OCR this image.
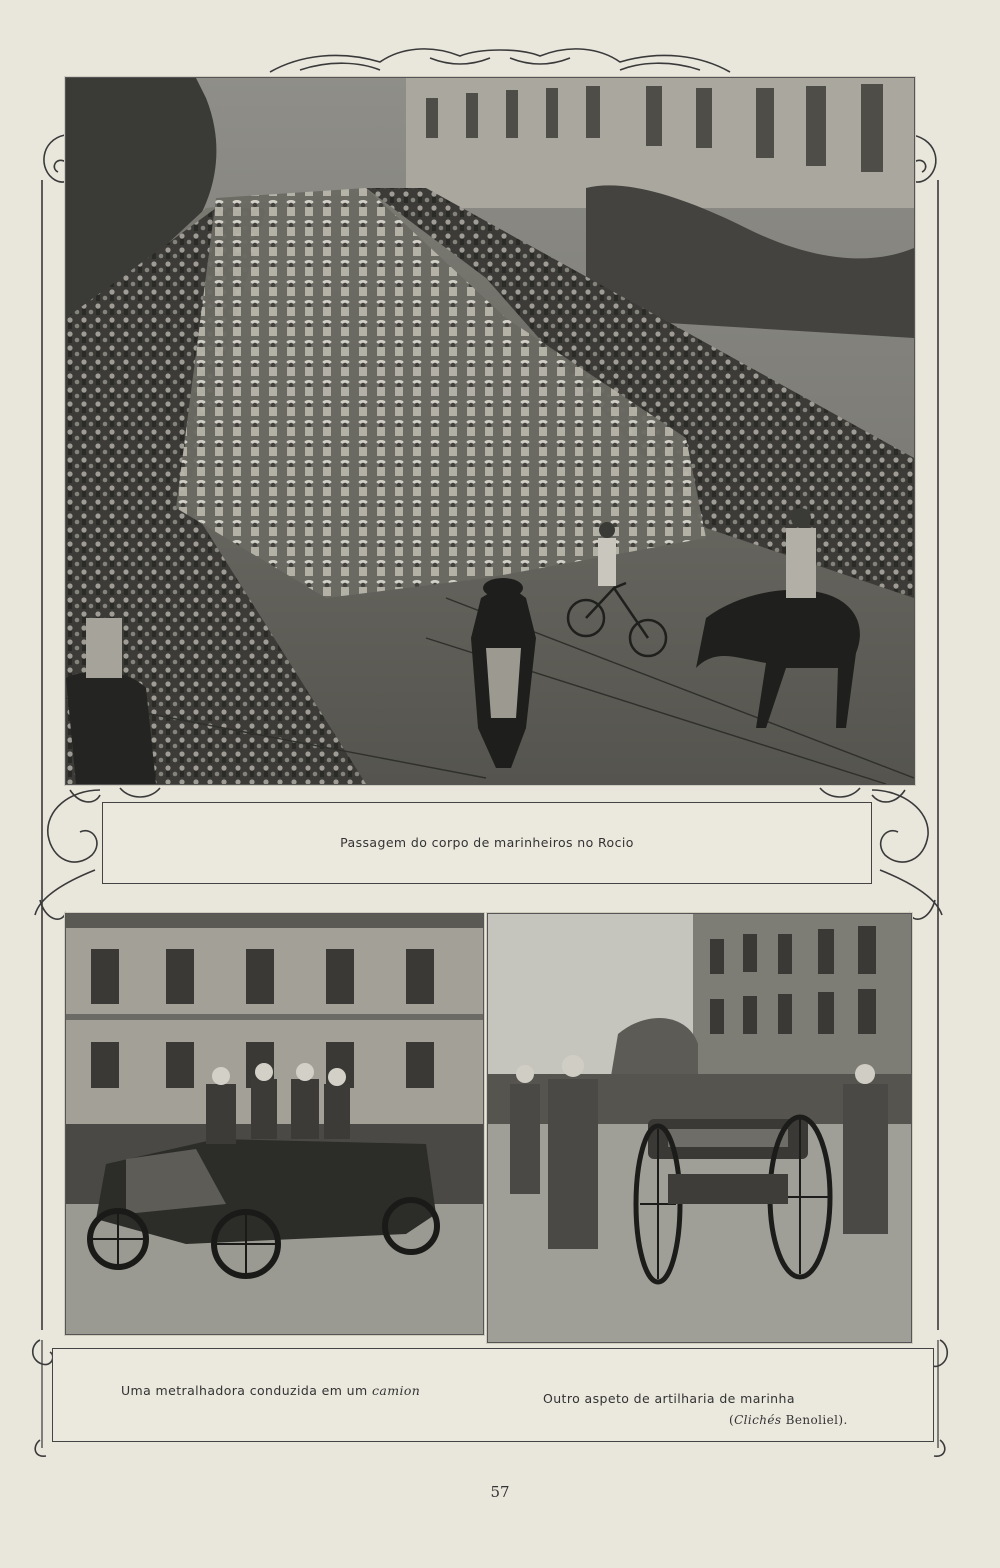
Passagem do corpo de marinheiros no Rocio
Uma metralhadora conduzida em um camion
Outro aspeto de artilharia de marinha
(Clichés Benoliel).
57
